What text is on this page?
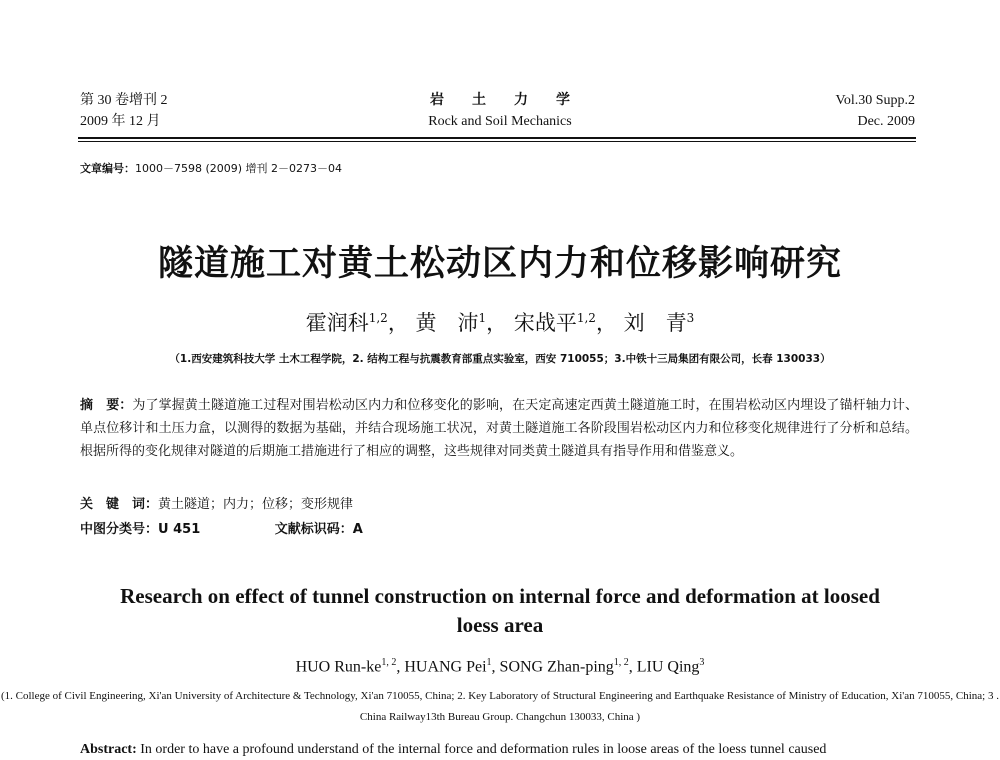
第 30 卷增刊 2
2009 年 12 月
岩土力学
Rock and Soil Mechanics
Vol.30 Supp.2
Dec. 2009
文章编号：1000－7598 (2009) 增刊 2－0273－04
隧道施工对黄土松动区内力和位移影响研究
霍润科$^{1,2}$， 黄　沛$^1$， 宋战平$^{1,2}$， 刘　青$^3$
（1.西安建筑科技大学 土木工程学院，2. 结构工程与抗震教育部重点实验室，西安 710055；3.中铁十三局集团有限公司，长春 130033）
摘　要：为了掌握黄土隧道施工过程对围岩松动区内力和位移变化的影响，在天定高速定西黄土隧道施工时，在围岩松动区内埋设了锚杆轴力计、单点位移计和土压力盒，以测得的数据为基础，并结合现场施工状况，对黄土隧道施工各阶段围岩松动区内力和位移变化规律进行了分析和总结。根据所得的变化规律对隧道的后期施工措施进行了相应的调整，这些规律对同类黄土隧道具有指导作用和借鉴意义。
关　键　词：黄土隧道；内力；位移；变形规律
中图分类号：U 451	文献标识码：A
Research on effect of tunnel construction on internal force and deformation at loosed loess area
HUO Run-ke$^{1, 2}$, HUANG Pei$^1$, SONG Zhan-ping$^{1, 2}$, LIU Qing$^3$
(1. College of Civil Engineering, Xi'an University of Architecture & Technology, Xi'an 710055, China; 2. Key Laboratory of Structural Engineering and Earthquake Resistance of Ministry of Education, Xi'an 710055, China; 3 . China Railway13th Bureau Group. Changchun 130033, China )
Abstract: In order to have a profound understand of the internal force and deformation rules in loose areas of the loess tunnel caused
